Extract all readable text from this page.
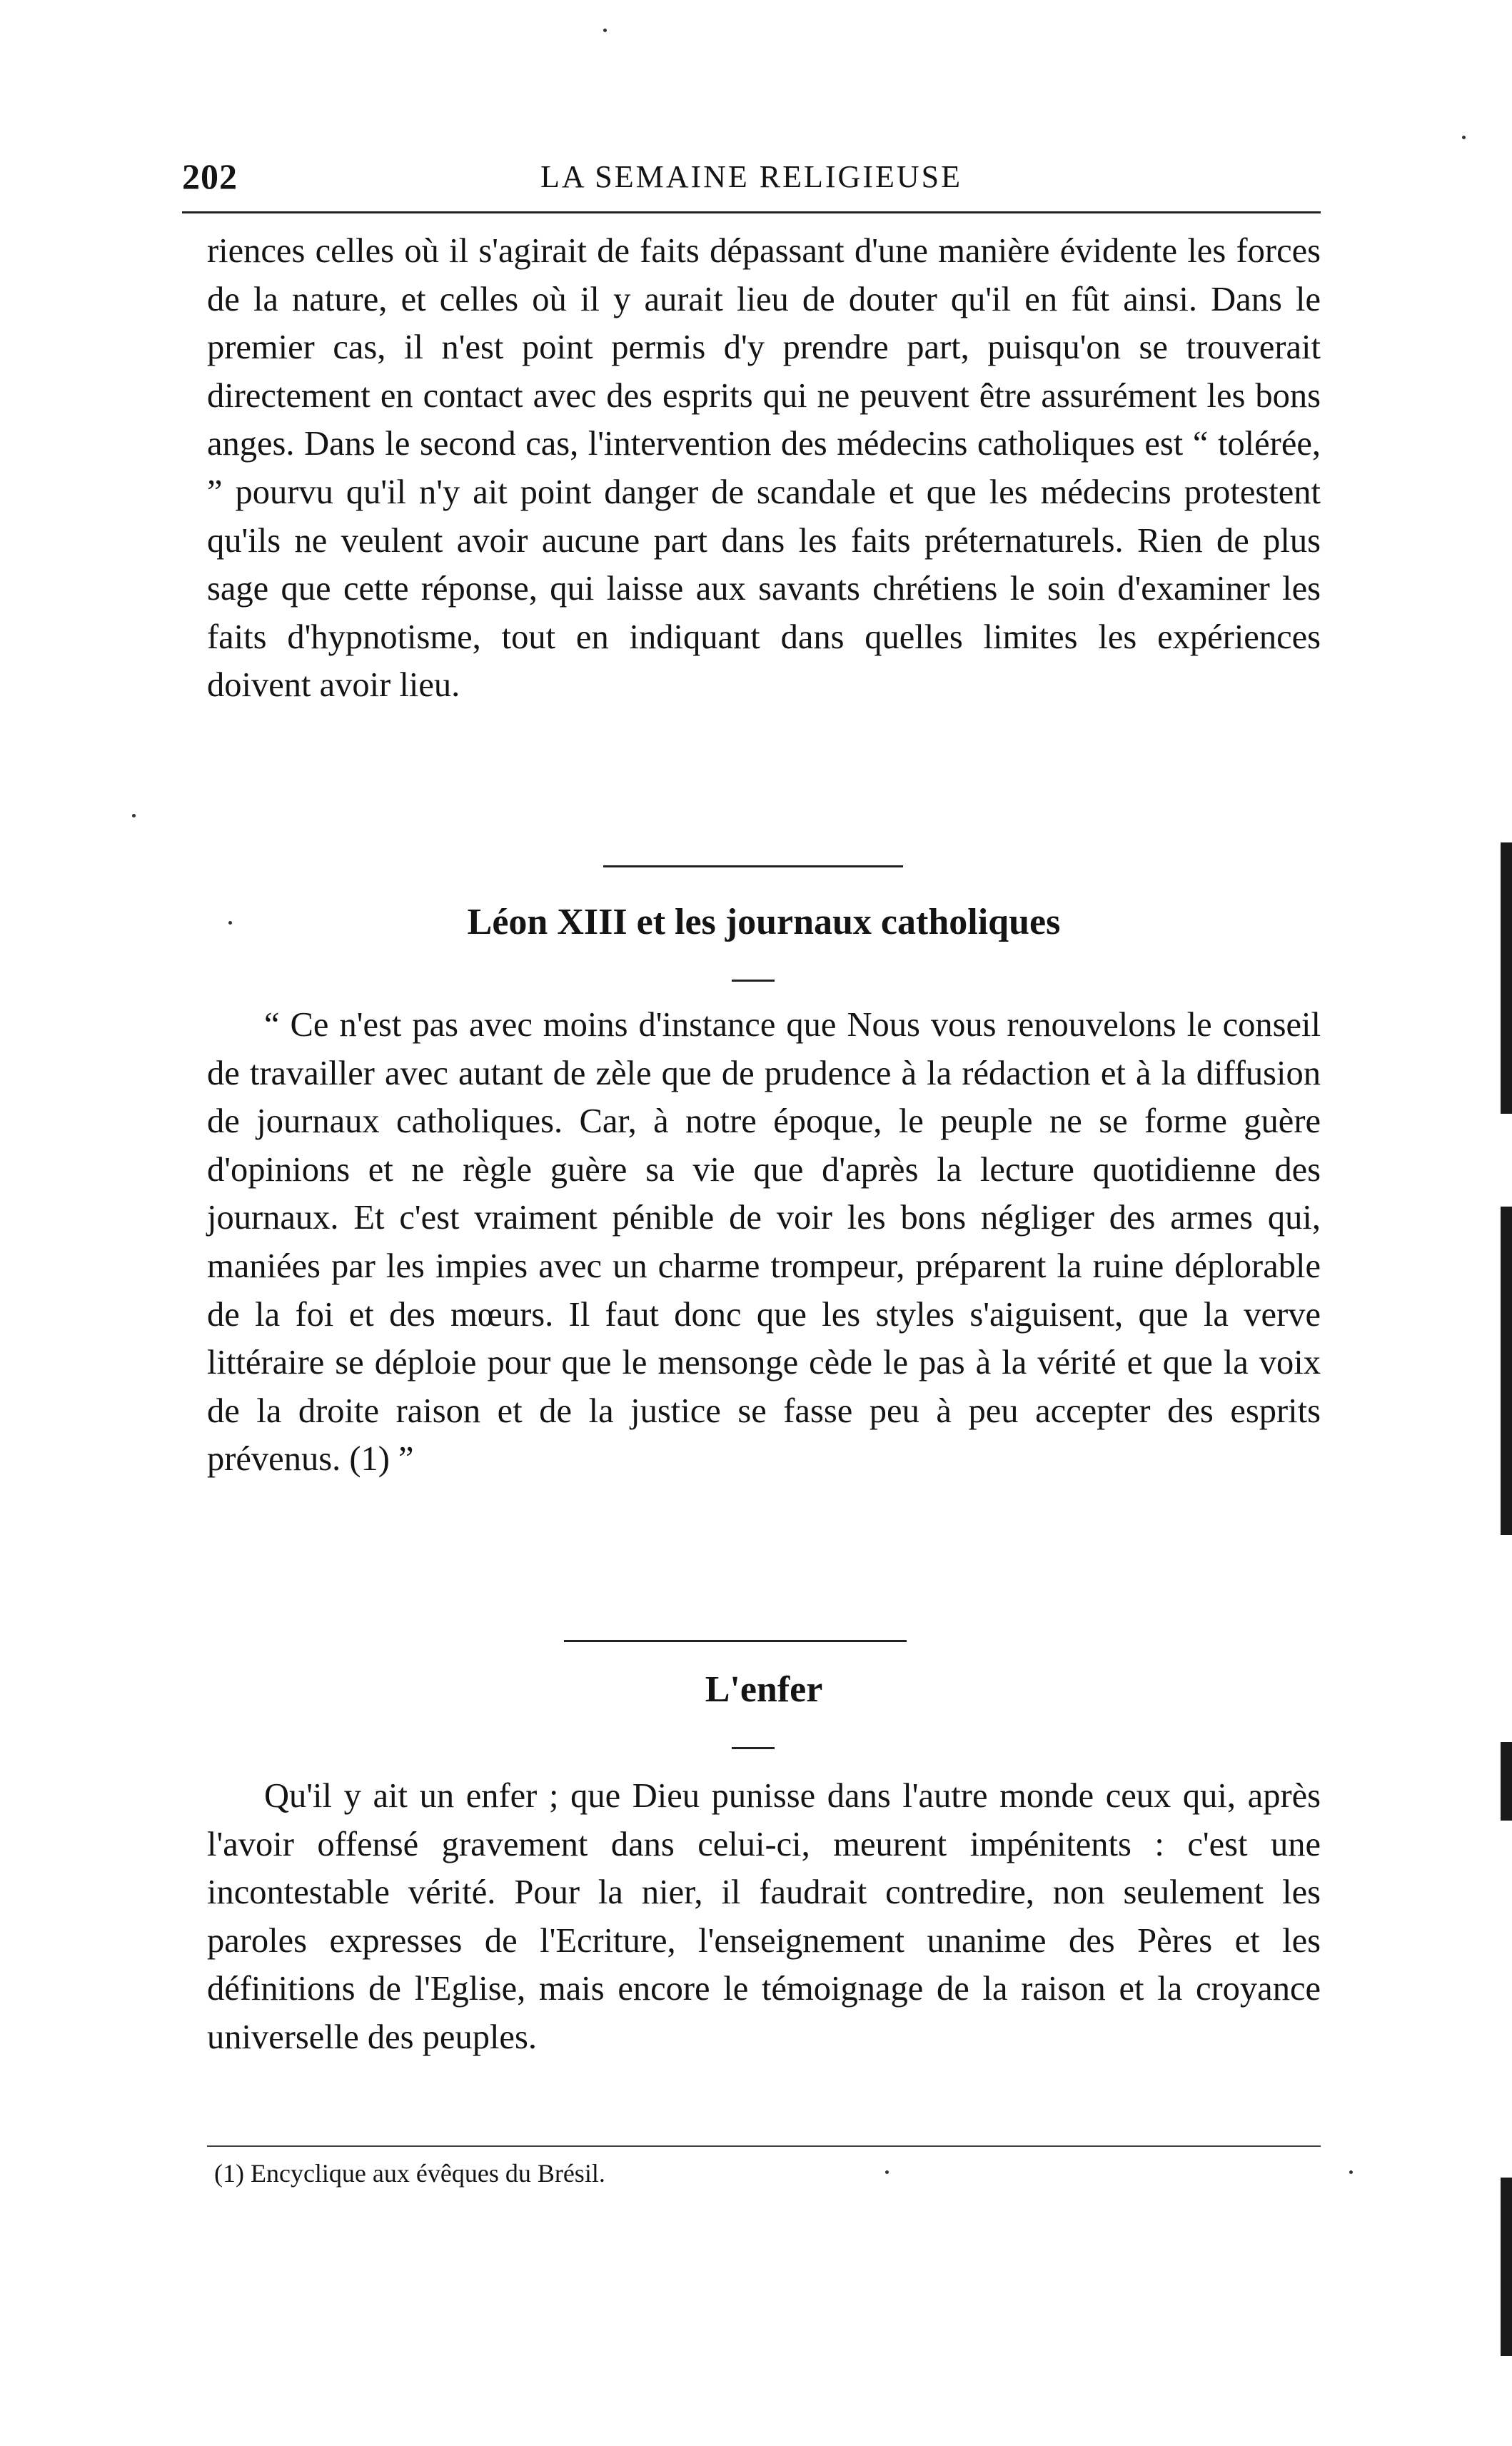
202	LA SEMAINE RELIGIEUSE

riences celles où il s'agirait de faits dépassant d'une manière évidente les forces de la nature, et celles où il y aurait lieu de douter qu'il en fût ainsi. Dans le premier cas, il n'est point permis d'y prendre part, puisqu'on se trouverait directement en contact avec des esprits qui ne peuvent être assurément les bons anges. Dans le second cas, l'intervention des médecins catholiques est “ tolérée, ” pourvu qu'il n'y ait point danger de scandale et que les médecins protestent qu'ils ne veulent avoir aucune part dans les faits préternaturels. Rien de plus sage que cette réponse, qui laisse aux savants chrétiens le soin d'examiner les faits d'hypnotisme, tout en indiquant dans quelles limites les expériences doivent avoir lieu.

Léon XIII et les journaux catholiques

“ Ce n'est pas avec moins d'instance que Nous vous renouvelons le conseil de travailler avec autant de zèle que de prudence à la rédaction et à la diffusion de journaux catholiques. Car, à notre époque, le peuple ne se forme guère d'opinions et ne règle guère sa vie que d'après la lecture quotidienne des journaux. Et c'est vraiment pénible de voir les bons négliger des armes qui, maniées par les impies avec un charme trompeur, préparent la ruine déplorable de la foi et des mœurs. Il faut donc que les styles s'aiguisent, que la verve littéraire se déploie pour que le mensonge cède le pas à la vérité et que la voix de la droite raison et de la justice se fasse peu à peu accepter des esprits prévenus. (1) ”

L'enfer

Qu'il y ait un enfer ; que Dieu punisse dans l'autre monde ceux qui, après l'avoir offensé gravement dans celui-ci, meurent impénitents : c'est une incontestable vérité. Pour la nier, il faudrait contredire, non seulement les paroles expresses de l'Ecriture, l'enseignement unanime des Pères et les définitions de l'Eglise, mais encore le témoignage de la raison et la croyance universelle des peuples.

(1) Encyclique aux évêques du Brésil.
